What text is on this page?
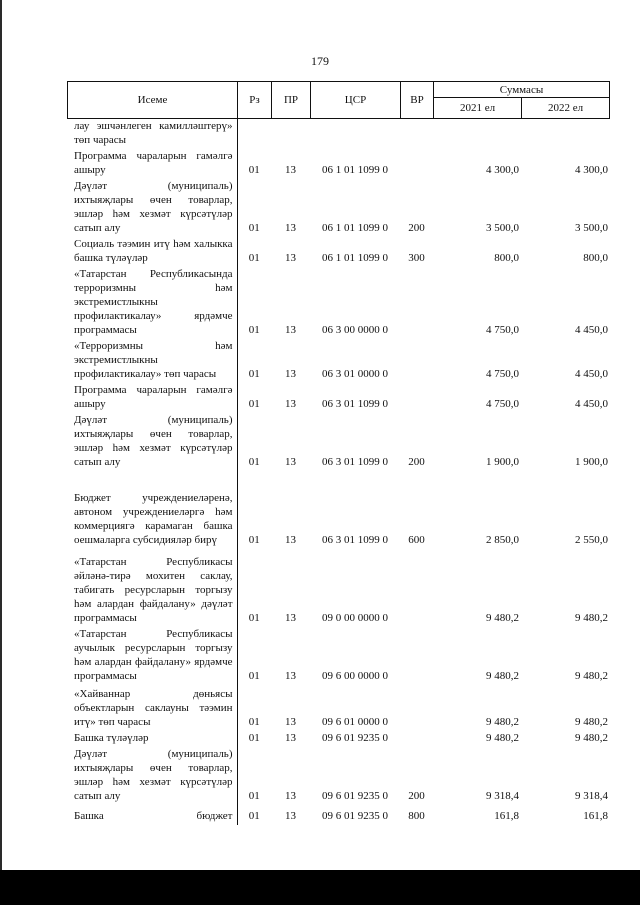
179
Исеме	Рз	ПР	ЦСР	ВР	Суммасы	
					2021 ел	2022 ел
лау эшчәнлеген камилләштерү» төп чарасы						
Программа чараларын гамәлгә ашыру	01	13	06 1 01 1099 0		4 300,0	4 300,0
Дәүләт (муниципаль) ихтыяҗлары өчен товарлар, эшләр һәм хезмәт күрсәтүләр сатып алу	01	13	06 1 01 1099 0	200	3 500,0	3 500,0
Социаль тәэмин итү һәм халыкка башка түләүләр	01	13	06 1 01 1099 0	300	800,0	800,0
«Татарстан Республикасында терроризмны һәм экстремистлыкны профилактикалау» ярдәмче программасы	01	13	06 3 00 0000 0		4 750,0	4 450,0
«Терроризмны һәм экстремистлыкны профилактикалау» төп чарасы	01	13	06 3 01 0000 0		4 750,0	4 450,0
Программа чараларын гамәлгә ашыру	01	13	06 3 01 1099 0		4 750,0	4 450,0
Дәүләт (муниципаль) ихтыяҗлары өчен товарлар, эшләр һәм хезмәт күрсәтүләр сатып алу	01	13	06 3 01 1099 0	200	1 900,0	1 900,0
Бюджет учреждениеләренә, автоном учреждениеләргә һәм коммерциягә карамаган башка оешмаларга субсидияләр бирү	01	13	06 3 01 1099 0	600	2 850,0	2 550,0
«Татарстан Республикасы әйләнә-тирә мохитен саклау, табигать ресурсларын торгызу һәм алардан файдалану» дәүләт программасы	01	13	09 0 00 0000 0		9 480,2	9 480,2
«Татарстан Республикасы аучылык ресурсларын торгызу һәм алардан файдалану» ярдәмче программасы	01	13	09 6 00 0000 0		9 480,2	9 480,2
«Хайваннар дөньясы объектларын саклауны тәэмин итү» төп чарасы	01	13	09 6 01 0000 0		9 480,2	9 480,2
Башка түләүләр	01	13	09 6 01 9235 0		9 480,2	9 480,2
Дәүләт (муниципаль) ихтыяҗлары өчен товарлар, эшләр һәм хезмәт күрсәтүләр сатып алу	01	13	09 6 01 9235 0	200	9 318,4	9 318,4
Башка бюджет	01	13	09 6 01 9235 0	800	161,8	161,8
